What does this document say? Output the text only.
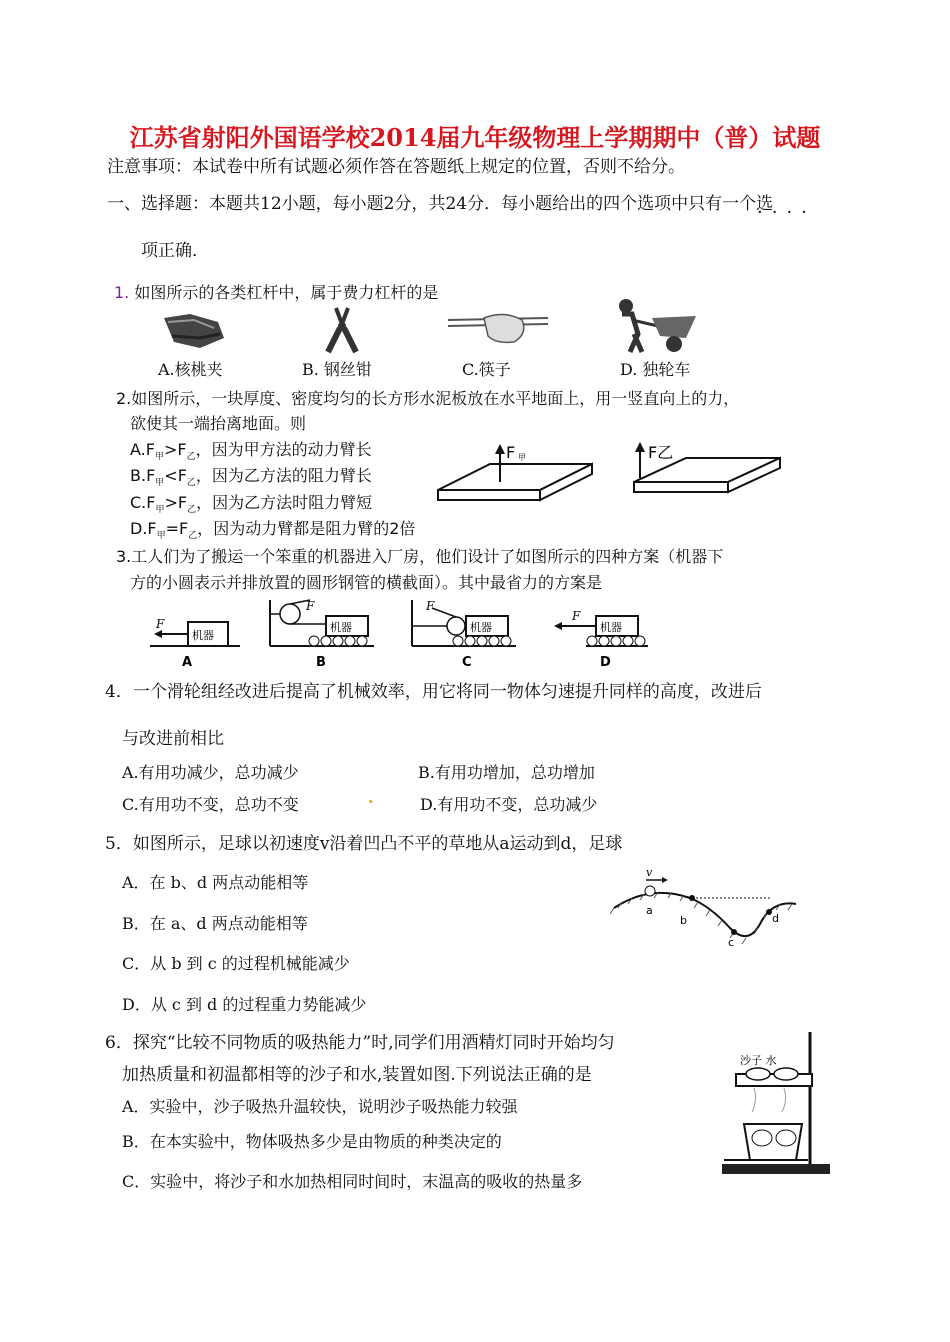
江苏省射阳外国语学校2014届九年级物理上学期期中（普）试题
注意事项：本试卷中所有试题必须作答在答题纸上规定的位置，否则不给分。
一、选择题：本题共12小题，每小题2分，共24分．每小题给出的四个选项中只有一个选
····
项正确．
1. 如图所示的各类杠杆中，属于费力杠杆的是
A.核桃夹	B. 钢丝钳	C.筷子	D. 独轮车
2.如图所示，一块厚度、密度均匀的长方形水泥板放在水平地面上，用一竖直向上的力，
欲使其一端抬离地面。则
$A.F_甲>F_乙$，因为甲方法的动力臂长
$B.F_甲<F_乙$，因为乙方法的阻力臂长
$C.F_甲>F_乙$，因为乙方法时阻力臂短
$D.F_甲=F_乙$，因为动力臂都是阻力臂的2倍
F 甲	F乙
3.工人们为了搬运一个笨重的机器进入厂房，他们设计了如图所示的四种方案（机器下
方的小圆表示并排放置的圆形钢管的横截面）。其中最省力的方案是
机器
F
A
F
机器
B
F
机器
C
机器
F
D
4．一个滑轮组经改进后提高了机械效率，用它将同一物体匀速提升同样的高度，改进后
与改进前相比
A.有用功减少，总功减少	B.有用功增加，总功增加
C.有用功不变，总功不变	.	D.有用功不变，总功减少
5．如图所示，足球以初速度v沿着凹凸不平的草地从a运动到d，足球
A．在 b、d 两点动能相等
B．在 a、d 两点动能相等
C．从 b 到 c 的过程机械能减少
D．从 c 到 d 的过程重力势能减少
v
a
b
c
d
6．探究“比较不同物质的吸热能力”时,同学们用酒精灯同时开始均匀
加热质量和初温都相等的沙子和水,装置如图.下列说法正确的是
A．实验中，沙子吸热升温较快，说明沙子吸热能力较强
B．在本实验中，物体吸热多少是由物质的种类决定的
C．实验中，将沙子和水加热相同时间时，末温高的吸收的热量多
沙子 水
